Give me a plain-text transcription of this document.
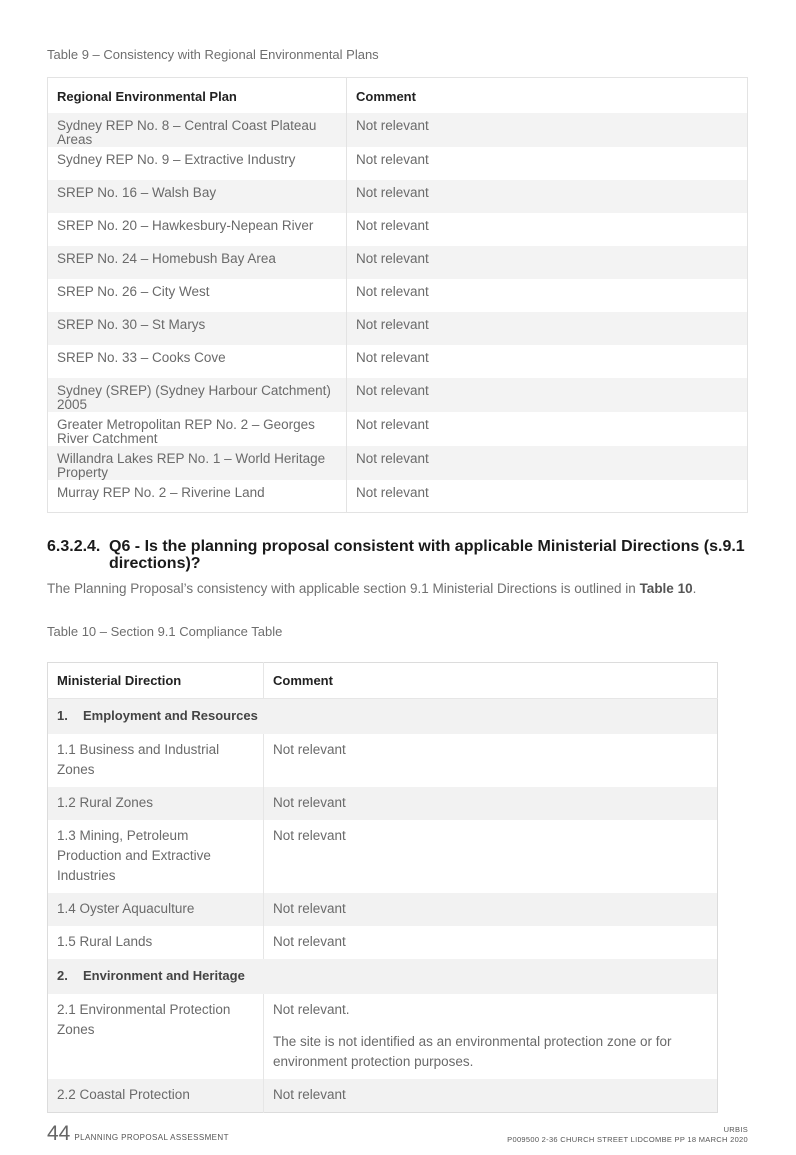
Table 9 – Consistency with Regional Environmental Plans
Regional Environmental Plan	Comment
Sydney REP No. 8 – Central Coast Plateau Areas	Not relevant
Sydney REP No. 9 – Extractive Industry	Not relevant
SREP No. 16 – Walsh Bay	Not relevant
SREP No. 20 – Hawkesbury-Nepean River	Not relevant
SREP No. 24 – Homebush Bay Area	Not relevant
SREP No. 26 – City West	Not relevant
SREP No. 30 – St Marys	Not relevant
SREP No. 33 – Cooks Cove	Not relevant
Sydney (SREP) (Sydney Harbour Catchment) 2005	Not relevant
Greater Metropolitan REP No. 2 – Georges River Catchment	Not relevant
Willandra Lakes REP No. 1 – World Heritage Property	Not relevant
Murray REP No. 2 – Riverine Land	Not relevant
6.3.2.4. Q6 - Is the planning proposal consistent with applicable Ministerial Directions (s.9.1
directions)?
The Planning Proposal’s consistency with applicable section 9.1 Ministerial Directions is outlined in Table 10.
Table 10 – Section 9.1 Compliance Table
Ministerial Direction	Comment
1. Employment and Resources	
1.1 Business and Industrial Zones	Not relevant

1.2 Rural Zones	Not relevant

1.3 Mining, Petroleum Production and Extractive Industries	Not relevant

1.4 Oyster Aquaculture	Not relevant

1.5 Rural Lands	Not relevant

2. Environment and Heritage	
2.1 Environmental Protection Zones	Not relevant.

The site is not identified as an environmental protection zone or for environment protection purposes.

2.2 Coastal Protection	Not relevant

44 PLANNING PROPOSAL ASSESSMENT
URBIS
P009500 2-36 CHURCH STREET LIDCOMBE PP 18 MARCH 2020
